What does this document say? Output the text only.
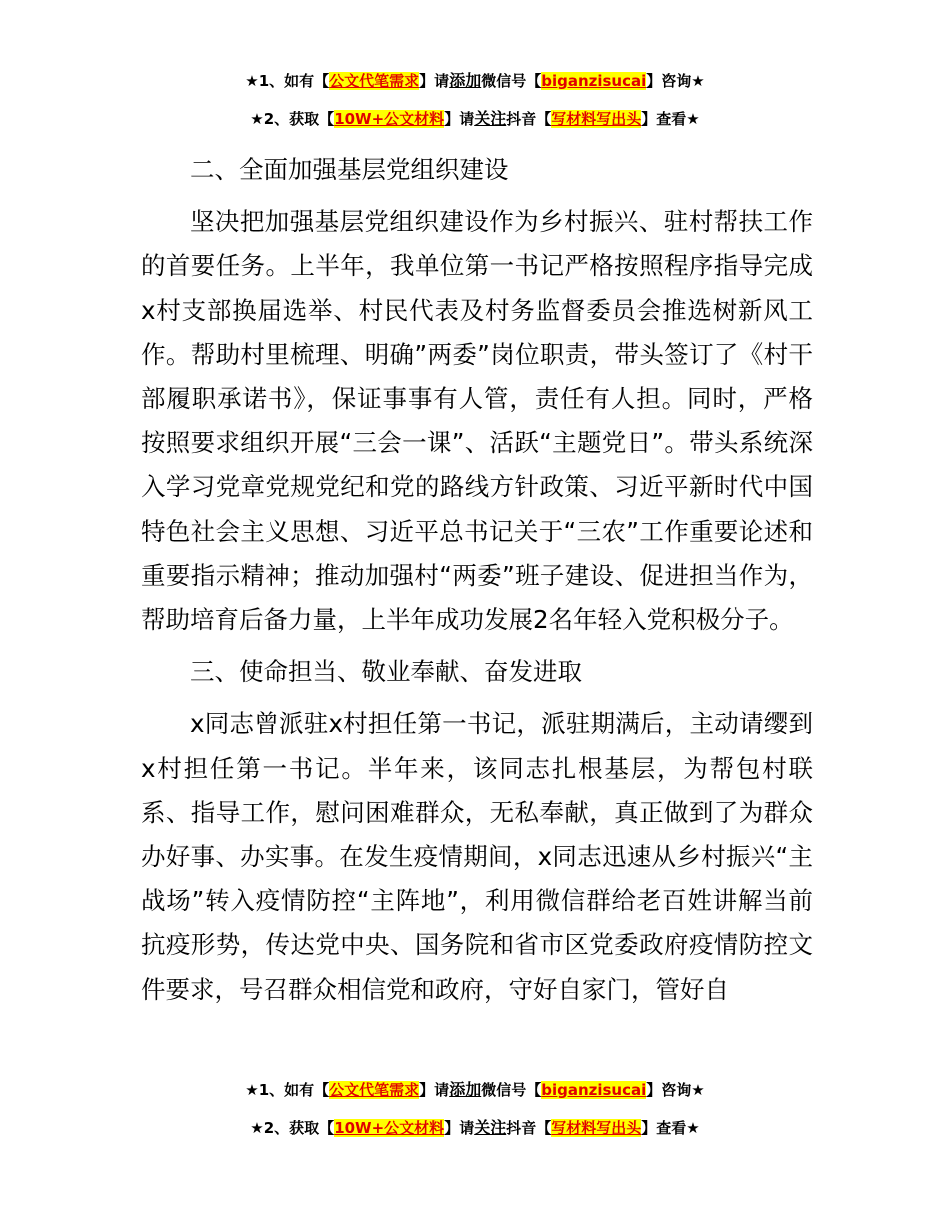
★1、如有【公文代笔需求】请添加微信号【biganzisucai】咨询★
★2、获取【10W+公文材料】请关注抖音【写材料写出头】查看★

二、全面加强基层党组织建设

坚决把加强基层党组织建设作为乡村振兴、驻村帮扶工作的首要任务。上半年，我单位第一书记严格按照程序指导完成x村支部换届选举、村民代表及村务监督委员会推选树新风工作。帮助村里梳理、明确”两委”岗位职责，带头签订了《村干部履职承诺书》，保证事事有人管，责任有人担。同时，严格按照要求组织开展“三会一课”、活跃“主题党日”。带头系统深入学习党章党规党纪和党的路线方针政策、习近平新时代中国特色社会主义思想、习近平总书记关于“三农”工作重要论述和重要指示精神；推动加强村“两委”班子建设、促进担当作为，帮助培育后备力量，上半年成功发展2名年轻入党积极分子。

三、使命担当、敬业奉献、奋发进取

x同志曾派驻x村担任第一书记，派驻期满后，主动请缨到x村担任第一书记。半年来，该同志扎根基层，为帮包村联系、指导工作，慰问困难群众，无私奉献，真正做到了为群众办好事、办实事。在发生疫情期间，x同志迅速从乡村振兴“主战场”转入疫情防控“主阵地”，利用微信群给老百姓讲解当前抗疫形势，传达党中央、国务院和省市区党委政府疫情防控文件要求，号召群众相信党和政府，守好自家门，管好自

★1、如有【公文代笔需求】请添加微信号【biganzisucai】咨询★
★2、获取【10W+公文材料】请关注抖音【写材料写出头】查看★
